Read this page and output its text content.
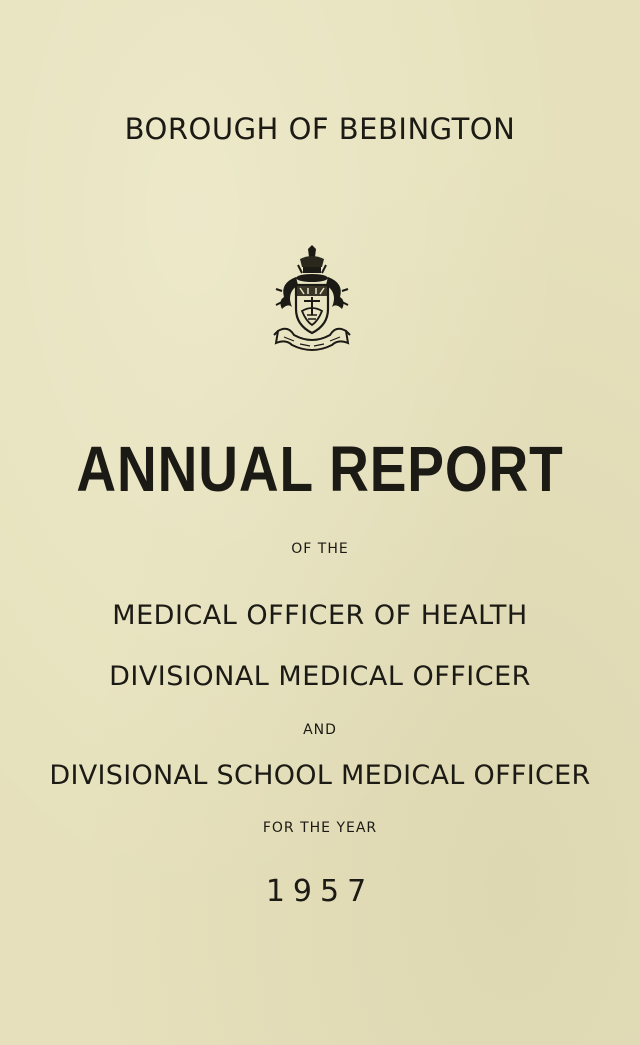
BOROUGH OF BEBINGTON
ANNUAL REPORT
OF THE
MEDICAL OFFICER OF HEALTH
DIVISIONAL MEDICAL OFFICER
AND
DIVISIONAL SCHOOL MEDICAL OFFICER
FOR THE YEAR
1957
